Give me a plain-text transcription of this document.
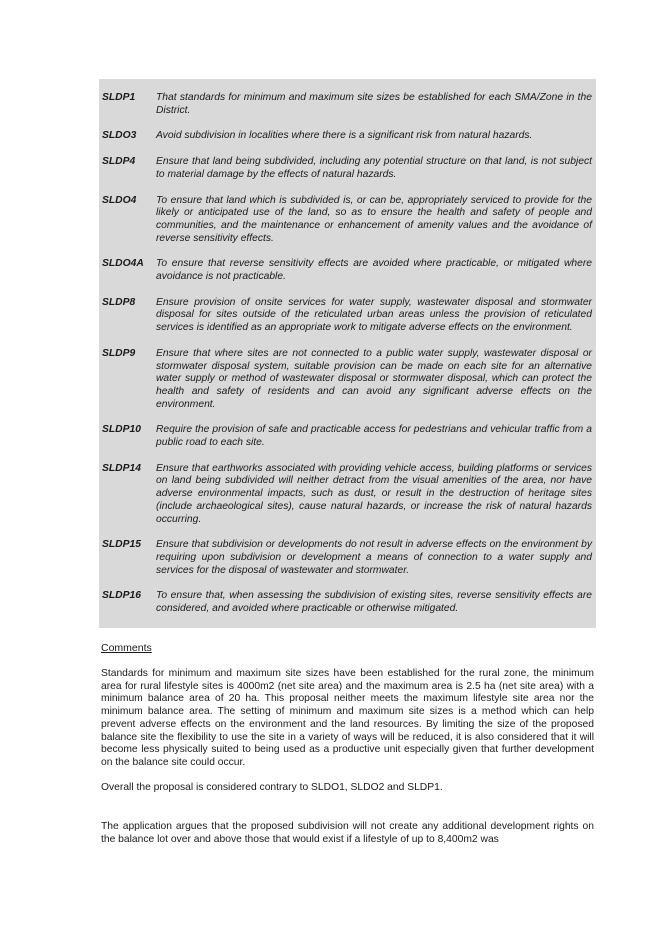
SLDP1	That standards for minimum and maximum site sizes be established for each SMA/Zone in the District.
SLDO3	Avoid subdivision in localities where there is a significant risk from natural hazards.
SLDP4	Ensure that land being subdivided, including any potential structure on that land, is not subject to material damage by the effects of natural hazards.
SLDO4	To ensure that land which is subdivided is, or can be, appropriately serviced to provide for the likely or anticipated use of the land, so as to ensure the health and safety of people and communities, and the maintenance or enhancement of amenity values and the avoidance of reverse sensitivity effects.
SLDO4A	To ensure that reverse sensitivity effects are avoided where practicable, or mitigated where avoidance is not practicable.
SLDP8	Ensure provision of onsite services for water supply, wastewater disposal and stormwater disposal for sites outside of the reticulated urban areas unless the provision of reticulated services is identified as an appropriate work to mitigate adverse effects on the environment.
SLDP9	Ensure that where sites are not connected to a public water supply, wastewater disposal or stormwater disposal system, suitable provision can be made on each site for an alternative water supply or method of wastewater disposal or stormwater disposal, which can protect the health and safety of residents and can avoid any significant adverse effects on the environment.
SLDP10	Require the provision of safe and practicable access for pedestrians and vehicular traffic from a public road to each site.
SLDP14	Ensure that earthworks associated with providing vehicle access, building platforms or services on land being subdivided will neither detract from the visual amenities of the area, nor have adverse environmental impacts, such as dust, or result in the destruction of heritage sites (include archaeological sites), cause natural hazards, or increase the risk of natural hazards occurring.
SLDP15	Ensure that subdivision or developments do not result in adverse effects on the environment by requiring upon subdivision or development a means of connection to a water supply and services for the disposal of wastewater and stormwater.
SLDP16	To ensure that, when assessing the subdivision of existing sites, reverse sensitivity effects are considered, and avoided where practicable or otherwise mitigated.
Comments
Standards for minimum and maximum site sizes have been established for the rural zone, the minimum area for rural lifestyle sites is 4000m2 (net site area) and the maximum area is 2.5 ha (net site area) with a minimum balance area of 20 ha. This proposal neither meets the maximum lifestyle site area nor the minimum balance area. The setting of minimum and maximum site sizes is a method which can help prevent adverse effects on the environment and the land resources. By limiting the size of the proposed balance site the flexibility to use the site in a variety of ways will be reduced, it is also considered that it will become less physically suited to being used as a productive unit especially given that further development on the balance site could occur.
Overall the proposal is considered contrary to SLDO1, SLDO2 and SLDP1.
The application argues that the proposed subdivision will not create any additional development rights on the balance lot over and above those that would exist if a lifestyle of up to 8,400m2 was
